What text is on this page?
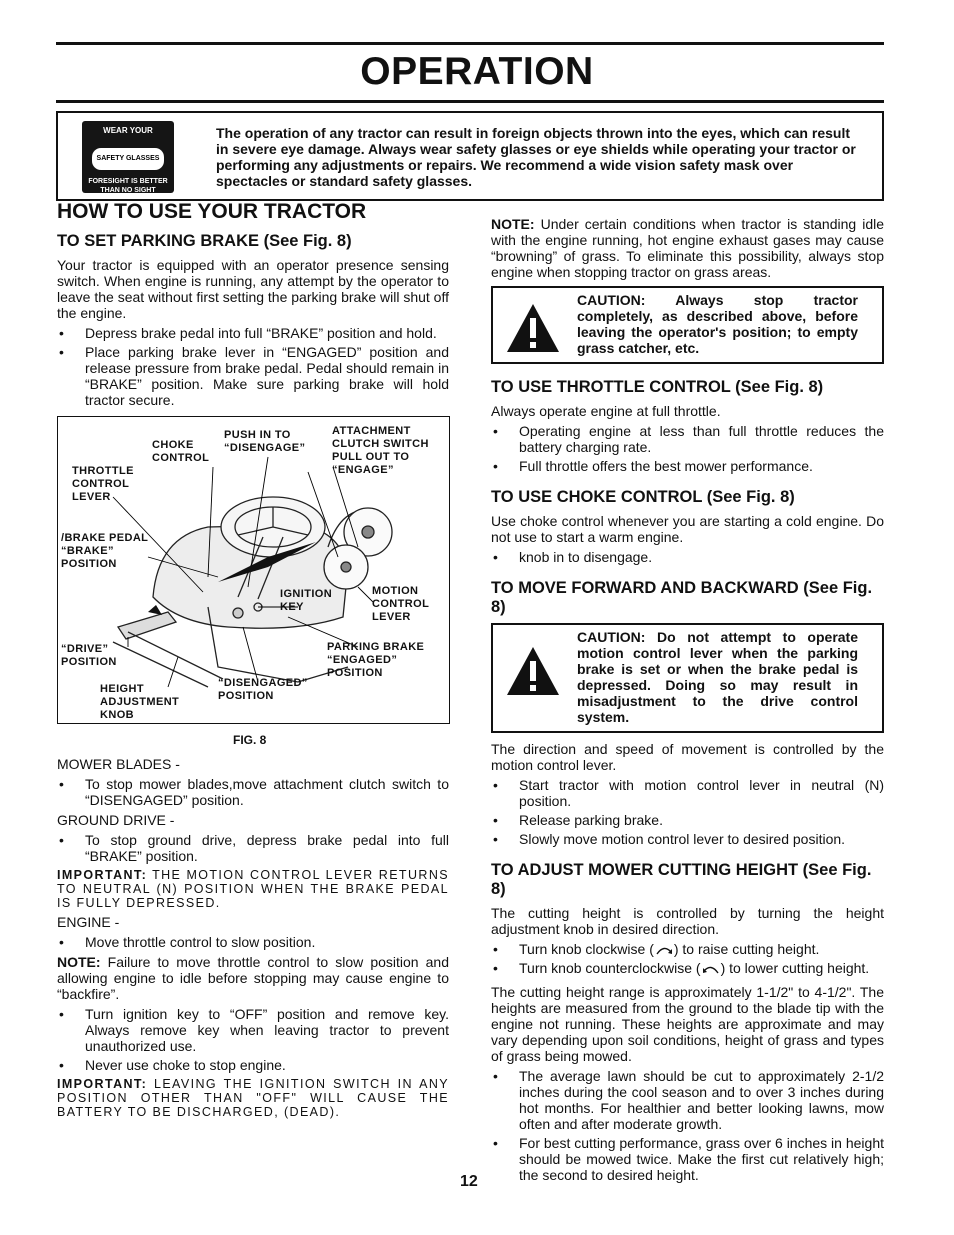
OPERATION
WEAR YOUR
SAFETY GLASSES
FORESIGHT IS BETTER THAN NO SIGHT

The operation of any tractor can result in foreign objects thrown into the eyes, which can result in severe eye damage. Always wear safety glasses or eye shields while operating your tractor or performing any adjustments or repairs. We recommend a wide vision safety mask over spectacles or standard safety glasses.

HOW TO USE YOUR TRACTOR
TO SET PARKING BRAKE (See Fig. 8)

Your tractor is equipped with an operator presence sensing switch. When engine is running, any attempt by the operator to leave the seat without first setting the parking brake will shut off the engine.

• Depress brake pedal into full “BRAKE” position and hold.
• Place parking brake lever in “ENGAGED” position and release pressure from brake pedal. Pedal should remain in “BRAKE” position. Make sure parking brake will hold tractor secure.
THROTTLE CONTROL LEVER
CHOKE CONTROL
PUSH IN TO “DISENGAGE”
ATTACHMENT CLUTCH SWITCH PULL OUT TO “ENGAGE”
/BRAKE PEDAL “BRAKE” POSITION
IGNITION KEY
MOTION CONTROL LEVER
“DRIVE” POSITION
PARKING BRAKE “ENGAGED” POSITION
“DISENGAGED” POSITION
HEIGHT ADJUSTMENT KNOB
FIG. 8

MOWER BLADES -

• To stop mower blades,move attachment clutch switch to “DISENGAGED” position.

GROUND DRIVE -

• To stop ground drive, depress brake pedal into full “BRAKE” position.

IMPORTANT: THE MOTION CONTROL LEVER RETURNS TO NEUTRAL (N) POSITION WHEN THE BRAKE PEDAL IS FULLY DEPRESSED.

ENGINE -

• Move throttle control to slow position.

NOTE: Failure to move throttle control to slow position and allowing engine to idle before stopping may cause engine to “backfire”.

• Turn ignition key to “OFF” position and remove key. Always remove key when leaving tractor to prevent unauthorized use.
• Never use choke to stop engine.

IMPORTANT: LEAVING THE IGNITION SWITCH IN ANY POSITION OTHER THAN "OFF" WILL CAUSE THE BATTERY TO BE DISCHARGED, (DEAD).

NOTE: Under certain conditions when tractor is standing idle with the engine running, hot engine exhaust gases may cause “browning” of grass. To eliminate this possibility, always stop engine when stopping tractor on grass areas.

CAUTION: Always stop tractor completely, as described above, before leaving the operator's position; to empty grass catcher, etc.

TO USE THROTTLE CONTROL (See Fig. 8)

Always operate engine at full throttle.

• Operating engine at less than full throttle reduces the battery charging rate.
• Full throttle offers the best mower performance.
TO USE CHOKE CONTROL (See Fig. 8)

Use choke control whenever you are starting a cold engine. Do not use to start a warm engine.

• knob in to disengage.
TO MOVE FORWARD AND BACKWARD (See Fig. 8)

CAUTION: Do not attempt to operate motion control lever when the parking brake is set or when the brake pedal is depressed. Doing so may result in misadjustment to the drive control system.

The direction and speed of movement is controlled by the motion control lever.

• Start tractor with motion control lever in neutral (N) position.
• Release parking brake.
• Slowly move motion control lever to desired position.
TO ADJUST MOWER CUTTING HEIGHT (See Fig. 8)

The cutting height is controlled by turning the height adjustment knob in desired direction.

• Turn knob clockwise ( ) to raise cutting height.
• Turn knob counterclockwise ( ) to lower cutting height.

The cutting height range is approximately 1-1/2" to 4-1/2". The heights are measured from the ground to the blade tip with the engine not running. These heights are approximate and may vary depending upon soil conditions, height of grass and types of grass being mowed.

• The average lawn should be cut to approximately 2-1/2 inches during the cool season and to over 3 inches during hot months. For healthier and better looking lawns, mow often and after moderate growth.
• For best cutting performance, grass over 6 inches in height should be mowed twice. Make the first cut relatively high; the second to desired height.
12
